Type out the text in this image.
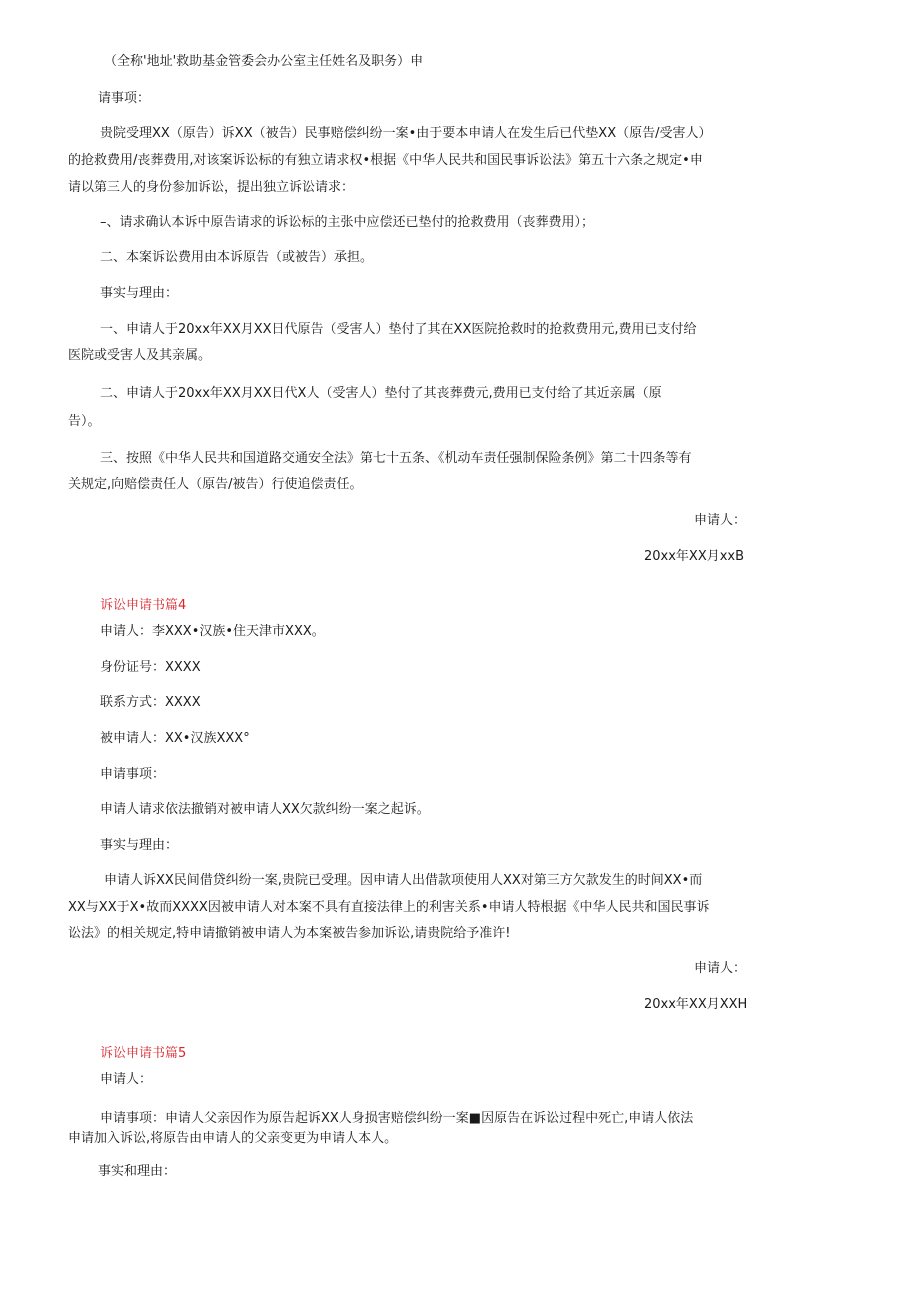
（全称'地址'救助基金管委会办公室主任姓名及职务）申
请事项：
贵院受理XX（原告）诉XX（被告）民事赔偿纠纷一案•由于要本申请人在发生后已代垫XX（原告/受害人）
的抢救费用/丧葬费用,对该案诉讼标的有独立请求权•根据《中华人民共和国民事诉讼法》第五十六条之规定•申
请以第三人的身份参加诉讼，提出独立诉讼请求：
–、请求确认本诉中原告请求的诉讼标的主张中应偿还已垫付的抢救费用（丧葬费用）；
二、本案诉讼费用由本诉原告（或被告）承担。
事实与理由：
一、申请人于20xx年XX月XX日代原告（受害人）垫付了其在XX医院抢救时的抢救费用元,费用已支付给
医院或受害人及其亲属。
二、申请人于20xx年XX月XX日代X人（受害人）垫付了其丧葬费元,费用已支付给了其近亲属（原
告）。
三、按照《中华人民共和国道路交通安全法》第七十五条、《机动车责任强制保险条例》第二十四条等有
关规定,向赔偿责任人（原告/被告）行使追偿责任。
申请人：
20xx年XX月xxB
诉讼申请书篇4
申请人：李XXX•汉族•住天津市XXX。
身份证号：XXXX
联系方式：XXXX
被申请人：XX•汉族XXX°
申请事项：
申请人请求依法撤销对被申请人XX欠款纠纷一案之起诉。
事实与理由：
申请人诉XX民间借贷纠纷一案,贵院已受理。因申请人出借款项使用人XX对第三方欠款发生的时间XX•而
XX与XX于X•故而XXXX因被申请人对本案不具有直接法律上的利害关系•申请人特根据《中华人民共和国民事诉
讼法》的相关规定,特申请撤销被申请人为本案被告参加诉讼,请贵院给予准许!
申请人：
20xx年XX月XXH
诉讼申请书篇5
申请人：
申请事项：申请人父亲因作为原告起诉XX人身损害赔偿纠纷一案■因原告在诉讼过程中死亡,申请人依法
申请加入诉讼,将原告由申请人的父亲变更为申请人本人。
事实和理由：
